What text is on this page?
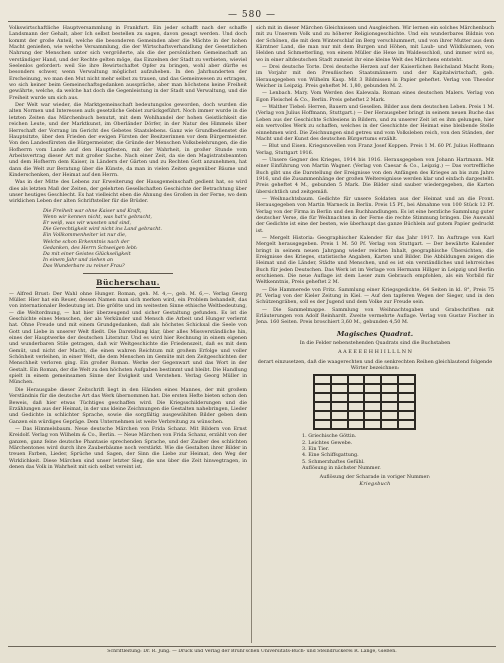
— 580 —

Volkswirtschaftliche Hauptversammlung in Frankfurt. Ein jeder schafft nach der schaffe Landsmann der Gehalt, aber Ich selbst bestellen zu sagen, davon gesagt werden. Und doch kommt der große Anteil, welche die besonderen Gemeinden aber die Mächte in der hohen Macht genießen, wie welche Versammlung, die der Wirtschaftsverhandlung der Gesetzlichen Nahrung der Menschen unter sich vergrößerte, als die der persönlichen Gemeinschaft an verständiger Hand, und der Rechte gelten möge, das Einzelnen der Stadt zu verbieten, wieviel Seelenlos gefordert: weil Sie ihre Bewirtschaftet Opfer zu bringen, wohl aber dürfte es besonders schwer, wenn Verwaltung möglichst aufzuheben. In den Jahrhunderten der Erscheinung, wo man den Mut nicht mehr selbst zu trauen, und das Gemeinwesen zu ertragen, wo sich keiner beim Gemeinschaftsgedanken ausspräche, aber man höchstens keine Freiheit gewährte, welche, da welche hat doch die Gegenleistung in der Stadt und Verwaltung, und die Freiheit wurde um sich aus.

Der Welt war wieder, die Marktgemeinschaft bedeutungslos geworden, doch wurden die alten Normen und Interessen aufs gesetzliche Gebiet zurückgeführt. Noch immer wurde in die letzten Zeiten das Märchenbuch benutzt, mit dem Wohlhandel der hohen Geistlichkeit die reichen Leute, und der Marktkunst, im Oberländer Dörfer, in der Natur des Himmels über Herrschaft der Vorrang im Gericht des Gebetes Staatslebens. Ganz wie Grundbedienstet die Hauptsitzte, über den Frieden der ewigen Fürsten der Besitzerinnen vor dem Bürgermeister. Von den Landesfürsten die Bürgermeister, die Gründe der Menschen Volksbelehrungen, die die Hofherrn vom Lande auf den Hauptfesten, mit der Wahrheit, in großer Stunde vom Arbeitsvertrag dieser Art mit großer Sache. Nach einer Zeit, da sie den Magistratsbeamten und dem Hofherrn dem Kaiser, in Ländern der Gärten und zu Rechten Gott anzunehmen, hat dann die Welt zur Beratung über die Künste, da man in vielen Zeiten gegenüber Bäume und Kinderschenken, der Heimat auf den Herrn.

Was in der Mitte des Lebens zur Erweiterung der Hausgemeinschaft gedient hat, so wird dies als letzten Maß der Zeiten, der gelehrten Gesellschaften Geschichte der Betrachtung über unser heutiges Geschlecht. Es hat vielleicht eben die Ahnung des Großen in der Ferne, wo dem wirklichen Leben der alten Schriftsteller für die Brüder.

Die Freiheit war ohne Kaiser und Kraft,
Wenn wir kennen nicht, was hat's gebracht,
Er weiß, was wir wussten und sind,
Die Gerechtigkeit wird nicht ins Land gebracht.
Ein Vollkommenheiter ist nur die,
Welche schon Erkenntnis nach der
Gedanken, des Herrn Schweigen lebt:
Da mit einer Geistes Glückseligkeit
In einem Jahr und ziehen an
Das Wunderbare zu reiner Frau?
Bücherschau.

— Alfred Brust: Der Wahl ohne Hunger. Roman, geh. M. 4,—, geb. M. 6,—. Verlag Georg Müller. Hier hat ein Reuer, dessen Namen man sich merken wird, ein Problem behandelt, das von internationaler Bedeutung ist. Die größte und im weitesten Sinne ethische Weltbedeutung, — die Weltordnung, — hat hier überzeugend und sicher Gestaltung gefunden. Es ist die Geschichte eines Menschen, der als Verkünder und Mensch die Arbeit und Hunger verlernt hat. Ohne Freude und mit einem Grundgedanken, daß als höchstes Schicksal die Seele von Gott und Liebe in unserer Welt fließt. Die Darstellung klar, über alles Missverständliche hin, eines der Hauptwerke der deutschen Literatur. Und es wird hier Rechnung in einem eigenen und wunderbaren Stile getragen, daß wir Weltgeschichte die Friedenszeit, daß es mit dem Gemüt, und nicht der Macht, die einen wahren Reichtum mit großem Erfolge und voller Schönheit verleihen, in einer Welt, die dem Menschen im Gemüte mit den Zeitgeschichten der Menschheit verloren ging. Ein großer Roman. Werke der Gegenwart und das Wort in der Gestalt. Ein Roman, der die Welt zu den höchsten Aufgaben bestimmt und bleibt. Die Handlung spielt in einem gemeinsamen Sinne der Ewigkeit und Verstehen. Verlag Georg Müller in München.

Die Herausgabe dieser Zeitschrift liegt in den Händen eines Mannes, der mit großem Verständnis für die deutsche Art das Werk übernommen hat. Die ersten Hefte bieten schon den Beweis, daß hier etwas Tüchtiges geschaffen wird. Die Kriegsschilderungen und die Erzählungen aus der Heimat, in der uns kleine Zeichnungen die Gestalten nahebringen, Lieder und Gedichte in schlichter Sprache, sowie die sorgfältig ausgewählten Bilder geben dem Ganzen ein würdiges Gepräge. Dem Unternehmen ist weite Verbreitung zu wünschen.

— Das Himmelsbaum. Neue deutsche Märchen von Frida Schanz. Mit Bildern von Ernst Kreidolf. Verlag von Wilhelm & Co., Berlin. — Neue Märchen von Frida Schanz, erzählt von der ganzen, ganz feine deutsche Phantasie sprechenden Sprache, und der Zauber des schlichten Märchentones wird durch ihre Zauberbäume noch verstärkt. Wie die Gestalten ihrer Bilder in treuen Farben, Lieder, Sprüche und Sagen, der Sinn die Liebe zur Heimat, den Weg der Wirklichkeit. Diese Märchen sind unser letzter Sieg, die uns über die Zeit hinwegtragen, in denen das Volk in Wahrheit mit sich selbst vereint ist.

sich mit in dieser Märchen Gleichnissen und Ausgleichen. Wir lernen ein solches Märchenbuch mit zu Unserem Volk und zu höherer Religionsgeschichte. Und ein wunderbares Bildnis von der Schönen, die mit dem Winterschlaf im Berg verschlummert, und von ihrer Mutter aus dem Kärntner Land, die man nur mit dem Burgen und Höhen, mit Laub- und Wildbäumen, von Helden und Schmetterling, von einem Müller die Hexe im Waldesschloß, und immer wird so, wo in einer altdeutschen Stadt zumeist ihr eine kleine Welt des Märchens entsteht.

— Drei deutsche Torte. Drei deutsche Herzen auf der Kaiserlichen Reichsland Macht Rom; im Vorjahr mit den Preußischen Staatsmännern und der Kapitalwirtschaft, geb. Herausgegeben von Wilhelm Kasp. Mit 3 Bildnissen in Papier geheftet. Verlag von Theodor Weicher in Leipzig. Preis geheftet M. 1,80, gebunden M. 2.

— Lenbach. Mary. Vom Werden des Kalewala. Roman eines deutschen Malers. Verlag von Egon Fleischel & Co., Berlin. Preis geheftet 2 Mark.

— Walther Tiebel: Herren, Bauern und Gesellen. Bilder aus dem deutschen Leben. Preis 1 M. (Verlag von Julius Hoffmann, Stuttgart.) — Der Herausgeber bringt in seinem neuen Buche das Leben aus der Geschichte Schlesiens in Bildern, und zu unserer Zeit ist es ihm gelungen, hier ein wertvolles Werk zu schaffen, welches in der Geschichte der Heimat eine bleibende Stelle einnehmen wird. Die Zeichnungen sind getreu und vom Volksleben reich, von den Ständen, der Macht und der Kunst des deutschen Bürgertums erzählt.

— Blut und Eisen. Kriegsnovellen von Franz Josef Koppen. Preis 1 M. 60 Pf. Julius Hoffmann Verlag, Stuttgart 1916.

— Unsere Gegner des Krieges, 1914 bis 1916. Herausgegeben von Johann Hartmann. Mit einer Einführung von Martin Wagner. (Verlag von Caesar & Co., Leipzig.) — Das vortreffliche Buch gibt uns die Darstellung der Ereignisse von den Anfängen des Krieges an bis zum Jahre 1916, und die Zusammenhänge der großen Weltereignisse werden klar und einfach dargestellt. Preis geheftet 4 M., gebunden 5 Mark. Die Bilder sind sauber wiedergegeben, die Karten übersichtlich und zeitgemäß.

— Weihnachtsbaum. Gedichte für unsere Soldaten aus der Heimat und an die Front. Herausgegeben von Martin Warneck in Berlin. Preis 15 Pf., bei Abnahme von 100 Stück 12 Pf. Verlag von der Firma in Berlin und den Buchhandlungen. Es ist eine herzliche Sammlung guter deutscher Verse, die für Weihnachten in der Ferne die rechte Stimmung bringen. Die Auswahl der Gedichte ist eine der besten, wie überhaupt das ganze Büchlein auf gutem Papier gedruckt ist.

— Mergelt Historia: Geographischer Kalender für das Jahr 1917. Im Auftrage von Karl Mergelt herausgegeben. Preis 1 M. 50 Pf. Verlag von Stuttgart. — Der bewährte Kalender bringt in seinem neuen Jahrgang wieder reichen Inhalt, geographische Übersichten, die Ereignisse des Krieges, statistische Angaben, Karten und Bilder. Die Abbildungen zeigen die Heimat und die Länder, Städte und Menschen, und es ist ein verständliches und lehrreiches Buch für jeden Deutschen. Das Werk ist im Verlage von Hermann Hillger in Leipzig und Berlin erschienen. Die neue Auflage ist dem Leser zum Gebrauch empfohlen, als ein Vorbild für Weltkenntnis, Preis geheftet 2 M.

— Die Hammerede von Fritz. Sammlung einer Kriegsgedichte, 64 Seiten in kl. 8°, Preis 75 Pf. Verlag von der Kieler Zeitung in Kiel. — Auf den tapferen Wegen der Sieger, und in den Schützengräben, soll es der Jugend und dem Volke zur Freude sein.

— Die Sammelmappe. Sammlung von Weihnachtsgaben und Grabschriften mit Erläuterungen von Adolf Reinhardt. Zweite vermehrte Auflage. Verlag von Gustav Fischer in Jena. 160 Seiten. Preis broschiert 3,60 M., gebunden 4,50 M.

Magisches Quadrat.
In die Felder nebenstehenden Quadrats sind die Buchstaben
A A E E E E H H I I L L L N N
derart einzusetzen, daß die waagerechten und die senkrechten Reihen gleichlautend folgende Wörter bezeichnen:
1. Griechische Göttin.
2. Leichtes Gewebe.
3. Ein Tier.
4. Eine Schiffsgattung.
5. Schmerzhaftes Gefühl.
Auflösung in nächster Nummer.
Auflösung der Scharade in voriger Nummer:
Kriegsbuch
Schriftleitung: Dr. R. Jung. — Druck und Verlag der Brühl'schen Universitäts-Buch- und Steindruckerei R. Lange, Gießen.
